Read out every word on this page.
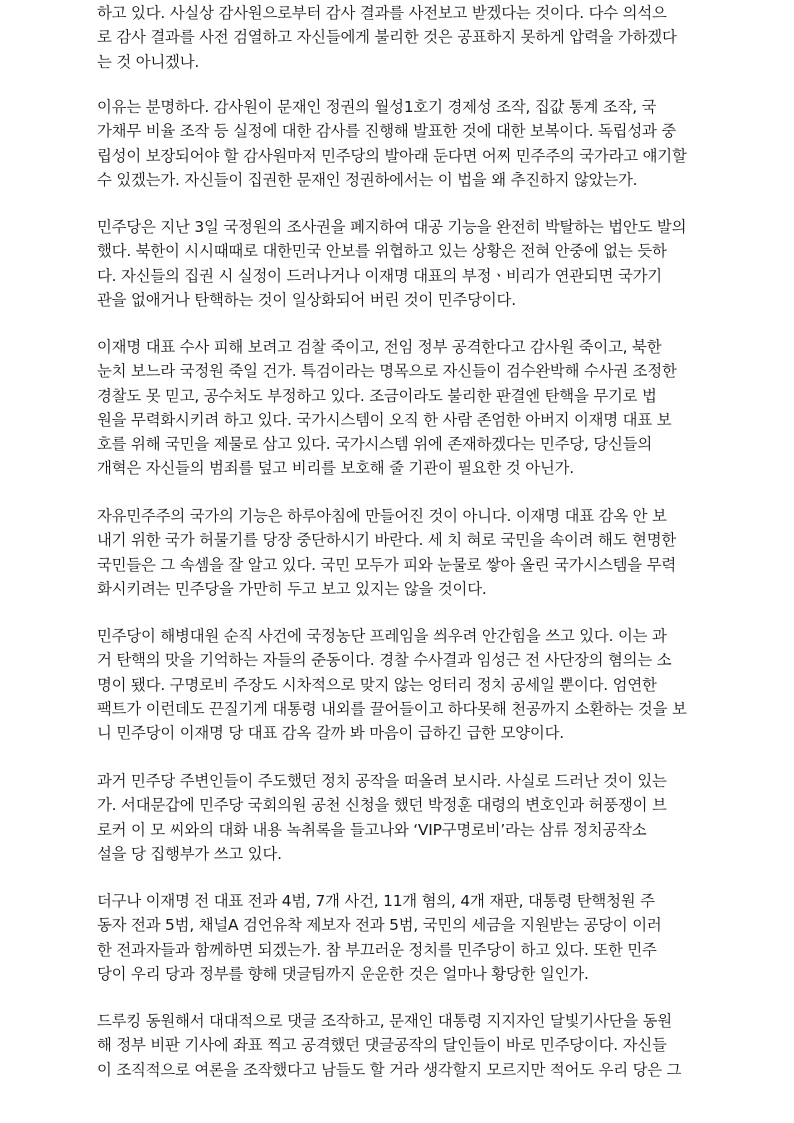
하고 있다. 사실상 감사원으로부터 감사 결과를 사전보고 받겠다는 것이다. 다수 의석으
로 감사 결과를 사전 검열하고 자신들에게 불리한 것은 공표하지 못하게 압력을 가하겠다
는 것 아니겠나.
이유는 분명하다. 감사원이 문재인 정권의 월성1호기 경제성 조작, 집값 통계 조작, 국
가채무 비율 조작 등 실정에 대한 감사를 진행해 발표한 것에 대한 보복이다. 독립성과 중
립성이 보장되어야 할 감사원마저 민주당의 발아래 둔다면 어찌 민주주의 국가라고 얘기할
수 있겠는가. 자신들이 집권한 문재인 정권하에서는 이 법을 왜 추진하지 않았는가.
민주당은 지난 3일 국정원의 조사권을 폐지하여 대공 기능을 완전히 박탈하는 법안도 발의
했다. 북한이 시시때때로 대한민국 안보를 위협하고 있는 상황은 전혀 안중에 없는 듯하
다. 자신들의 집권 시 실정이 드러나거나 이재명 대표의 부정ㆍ비리가 연관되면 국가기
관을 없애거나 탄핵하는 것이 일상화되어 버린 것이 민주당이다.
이재명 대표 수사 피해 보려고 검찰 죽이고, 전임 정부 공격한다고 감사원 죽이고, 북한
눈치 보느라 국정원 죽일 건가. 특검이라는 명목으로 자신들이 검수완박해 수사권 조정한
경찰도 못 믿고, 공수처도 부정하고 있다. 조금이라도 불리한 판결엔 탄핵을 무기로 법
원을 무력화시키려 하고 있다. 국가시스템이 오직 한 사람 존엄한 아버지 이재명 대표 보
호를 위해 국민을 제물로 삼고 있다. 국가시스템 위에 존재하겠다는 민주당, 당신들의
개혁은 자신들의 범죄를 덮고 비리를 보호해 줄 기관이 필요한 것 아닌가.
자유민주주의 국가의 기능은 하루아침에 만들어진 것이 아니다. 이재명 대표 감옥 안 보
내기 위한 국가 허물기를 당장 중단하시기 바란다. 세 치 혀로 국민을 속이려 해도 현명한
국민들은 그 속셈을 잘 알고 있다. 국민 모두가 피와 눈물로 쌓아 올린 국가시스템을 무력
화시키려는 민주당을 가만히 두고 보고 있지는 않을 것이다.
민주당이 해병대원 순직 사건에 국정농단 프레임을 씌우려 안간힘을 쓰고 있다. 이는 과
거 탄핵의 맛을 기억하는 자들의 준동이다. 경찰 수사결과 임성근 전 사단장의 혐의는 소
명이 됐다. 구명로비 주장도 시차적으로 맞지 않는 엉터리 정치 공세일 뿐이다. 엄연한
팩트가 이런데도 끈질기게 대통령 내외를 끌어들이고 하다못해 천공까지 소환하는 것을 보
니 민주당이 이재명 당 대표 감옥 갈까 봐 마음이 급하긴 급한 모양이다.
과거 민주당 주변인들이 주도했던 정치 공작을 떠올려 보시라. 사실로 드러난 것이 있는
가. 서대문갑에 민주당 국회의원 공천 신청을 했던 박정훈 대령의 변호인과 허풍쟁이 브
로커 이 모 씨와의 대화 내용 녹취록을 들고나와 ‘VIP구명로비’라는 삼류 정치공작소
설을 당 집행부가 쓰고 있다.
더구나 이재명 전 대표 전과 4범, 7개 사건, 11개 혐의, 4개 재판, 대통령 탄핵청원 주
동자 전과 5범, 채널A 검언유착 제보자 전과 5범, 국민의 세금을 지원받는 공당이 이러
한 전과자들과 함께하면 되겠는가. 참 부끄러운 정치를 민주당이 하고 있다. 또한 민주
당이 우리 당과 정부를 향해 댓글팀까지 운운한 것은 얼마나 황당한 일인가.
드루킹 동원해서 대대적으로 댓글 조작하고, 문재인 대통령 지지자인 달빛기사단을 동원
해 정부 비판 기사에 좌표 찍고 공격했던 댓글공작의 달인들이 바로 민주당이다. 자신들
이 조직적으로 여론을 조작했다고 남들도 할 거라 생각할지 모르지만 적어도 우리 당은 그
